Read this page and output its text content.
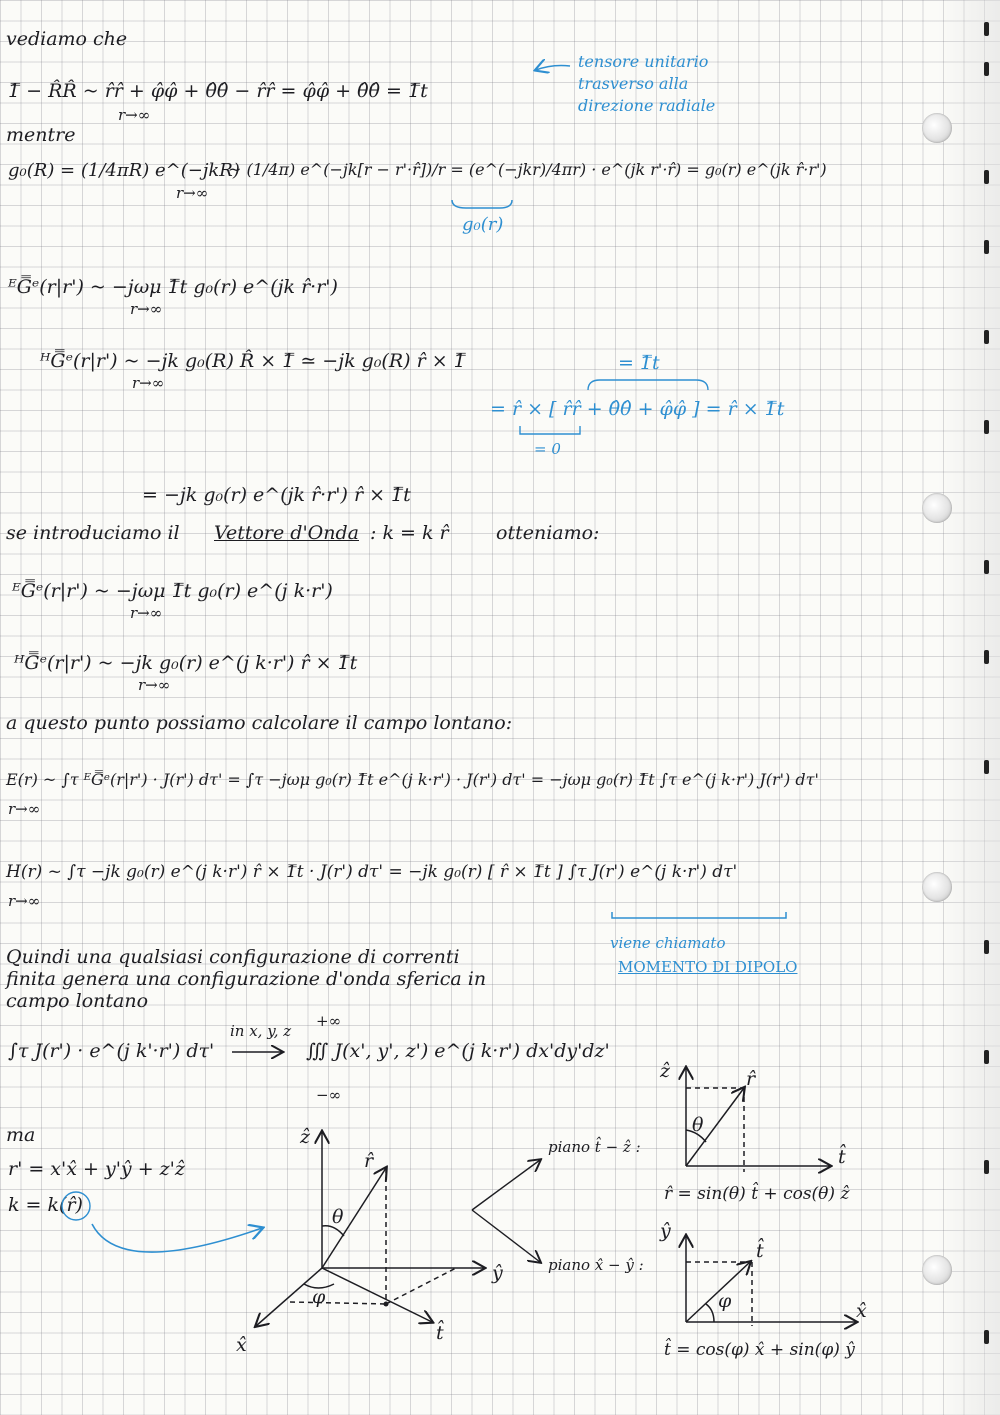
vediamo che
1̿ − R̂R̂ ~ r̂r̂ + φ̂φ̂ + θ̂θ̂ − r̂r̂ = φ̂φ̂ + θ̂θ̂ = 1̿t
r→∞
tensore unitario
trasverso alla
direzione radiale
mentre
g₀(R) = (1/4πR) e^(−jkR)
~ (1/4π) e^(−jk[r − r'·r̂])/r = (e^(−jkr)/4πr) · e^(jk r'·r̂) = g₀(r) e^(jk r̂·r')
r→∞
g₀(r)
ᴱG̿ᵉ(r|r') ~ −jωμ 1̿t g₀(r) e^(jk r̂·r')
r→∞
ᴴG̿ᵉ(r|r') ~ −jk g₀(R) R̂ × 1̿ ≃ −jk g₀(R) r̂ × 1̿
r→∞
= 1̿t
= r̂ × [ r̂r̂ + θ̂θ̂ + φ̂φ̂ ] = r̂ × 1̿t
= 0
= −jk g₀(r) e^(jk r̂·r') r̂ × 1̿t
se introduciamo il Vettore d'Onda : k = k r̂ otteniamo:
ᴱG̿ᵉ(r|r') ~ −jωμ 1̿t g₀(r) e^(j k·r')
r→∞
ᴴG̿ᵉ(r|r') ~ −jk g₀(r) e^(j k·r') r̂ × 1̿t
r→∞
a questo punto possiamo calcolare il campo lontano:
E(r) ~ ∫τ ᴱG̿ᵉ(r|r') · J(r') dτ' = ∫τ −jωμ g₀(r) 1̿t e^(j k·r') · J(r') dτ' = −jωμ g₀(r) 1̿t ∫τ e^(j k·r') J(r') dτ'
r→∞
H(r) ~ ∫τ −jk g₀(r) e^(j k·r') r̂ × 1̿t · J(r') dτ' = −jk g₀(r) [ r̂ × 1̿t ] ∫τ J(r') e^(j k·r') dτ'
r→∞
viene chiamato
MOMENTO DI DIPOLO
Quindi una qualsiasi configurazione di correnti
finita genera una configurazione d'onda sferica in
campo lontano
∫τ J(r') · e^(j k'·r') dτ'
in x, y, z
+∞
∭ J(x', y', z') e^(j k·r') dx'dy'dz'
−∞
ma
r' = x'x̂ + y'ŷ + z'ẑ
k = k(r̂)
piano t̂ − ẑ :
piano x̂ − ŷ :
r̂ = sin(θ) t̂ + cos(θ) ẑ
t̂ = cos(φ) x̂ + sin(φ) ŷ
ẑ
r̂
θ
ŷ
φ
x̂
t̂
ẑ	r̂
θ
t̂
ŷ
t̂
φ	x̂
